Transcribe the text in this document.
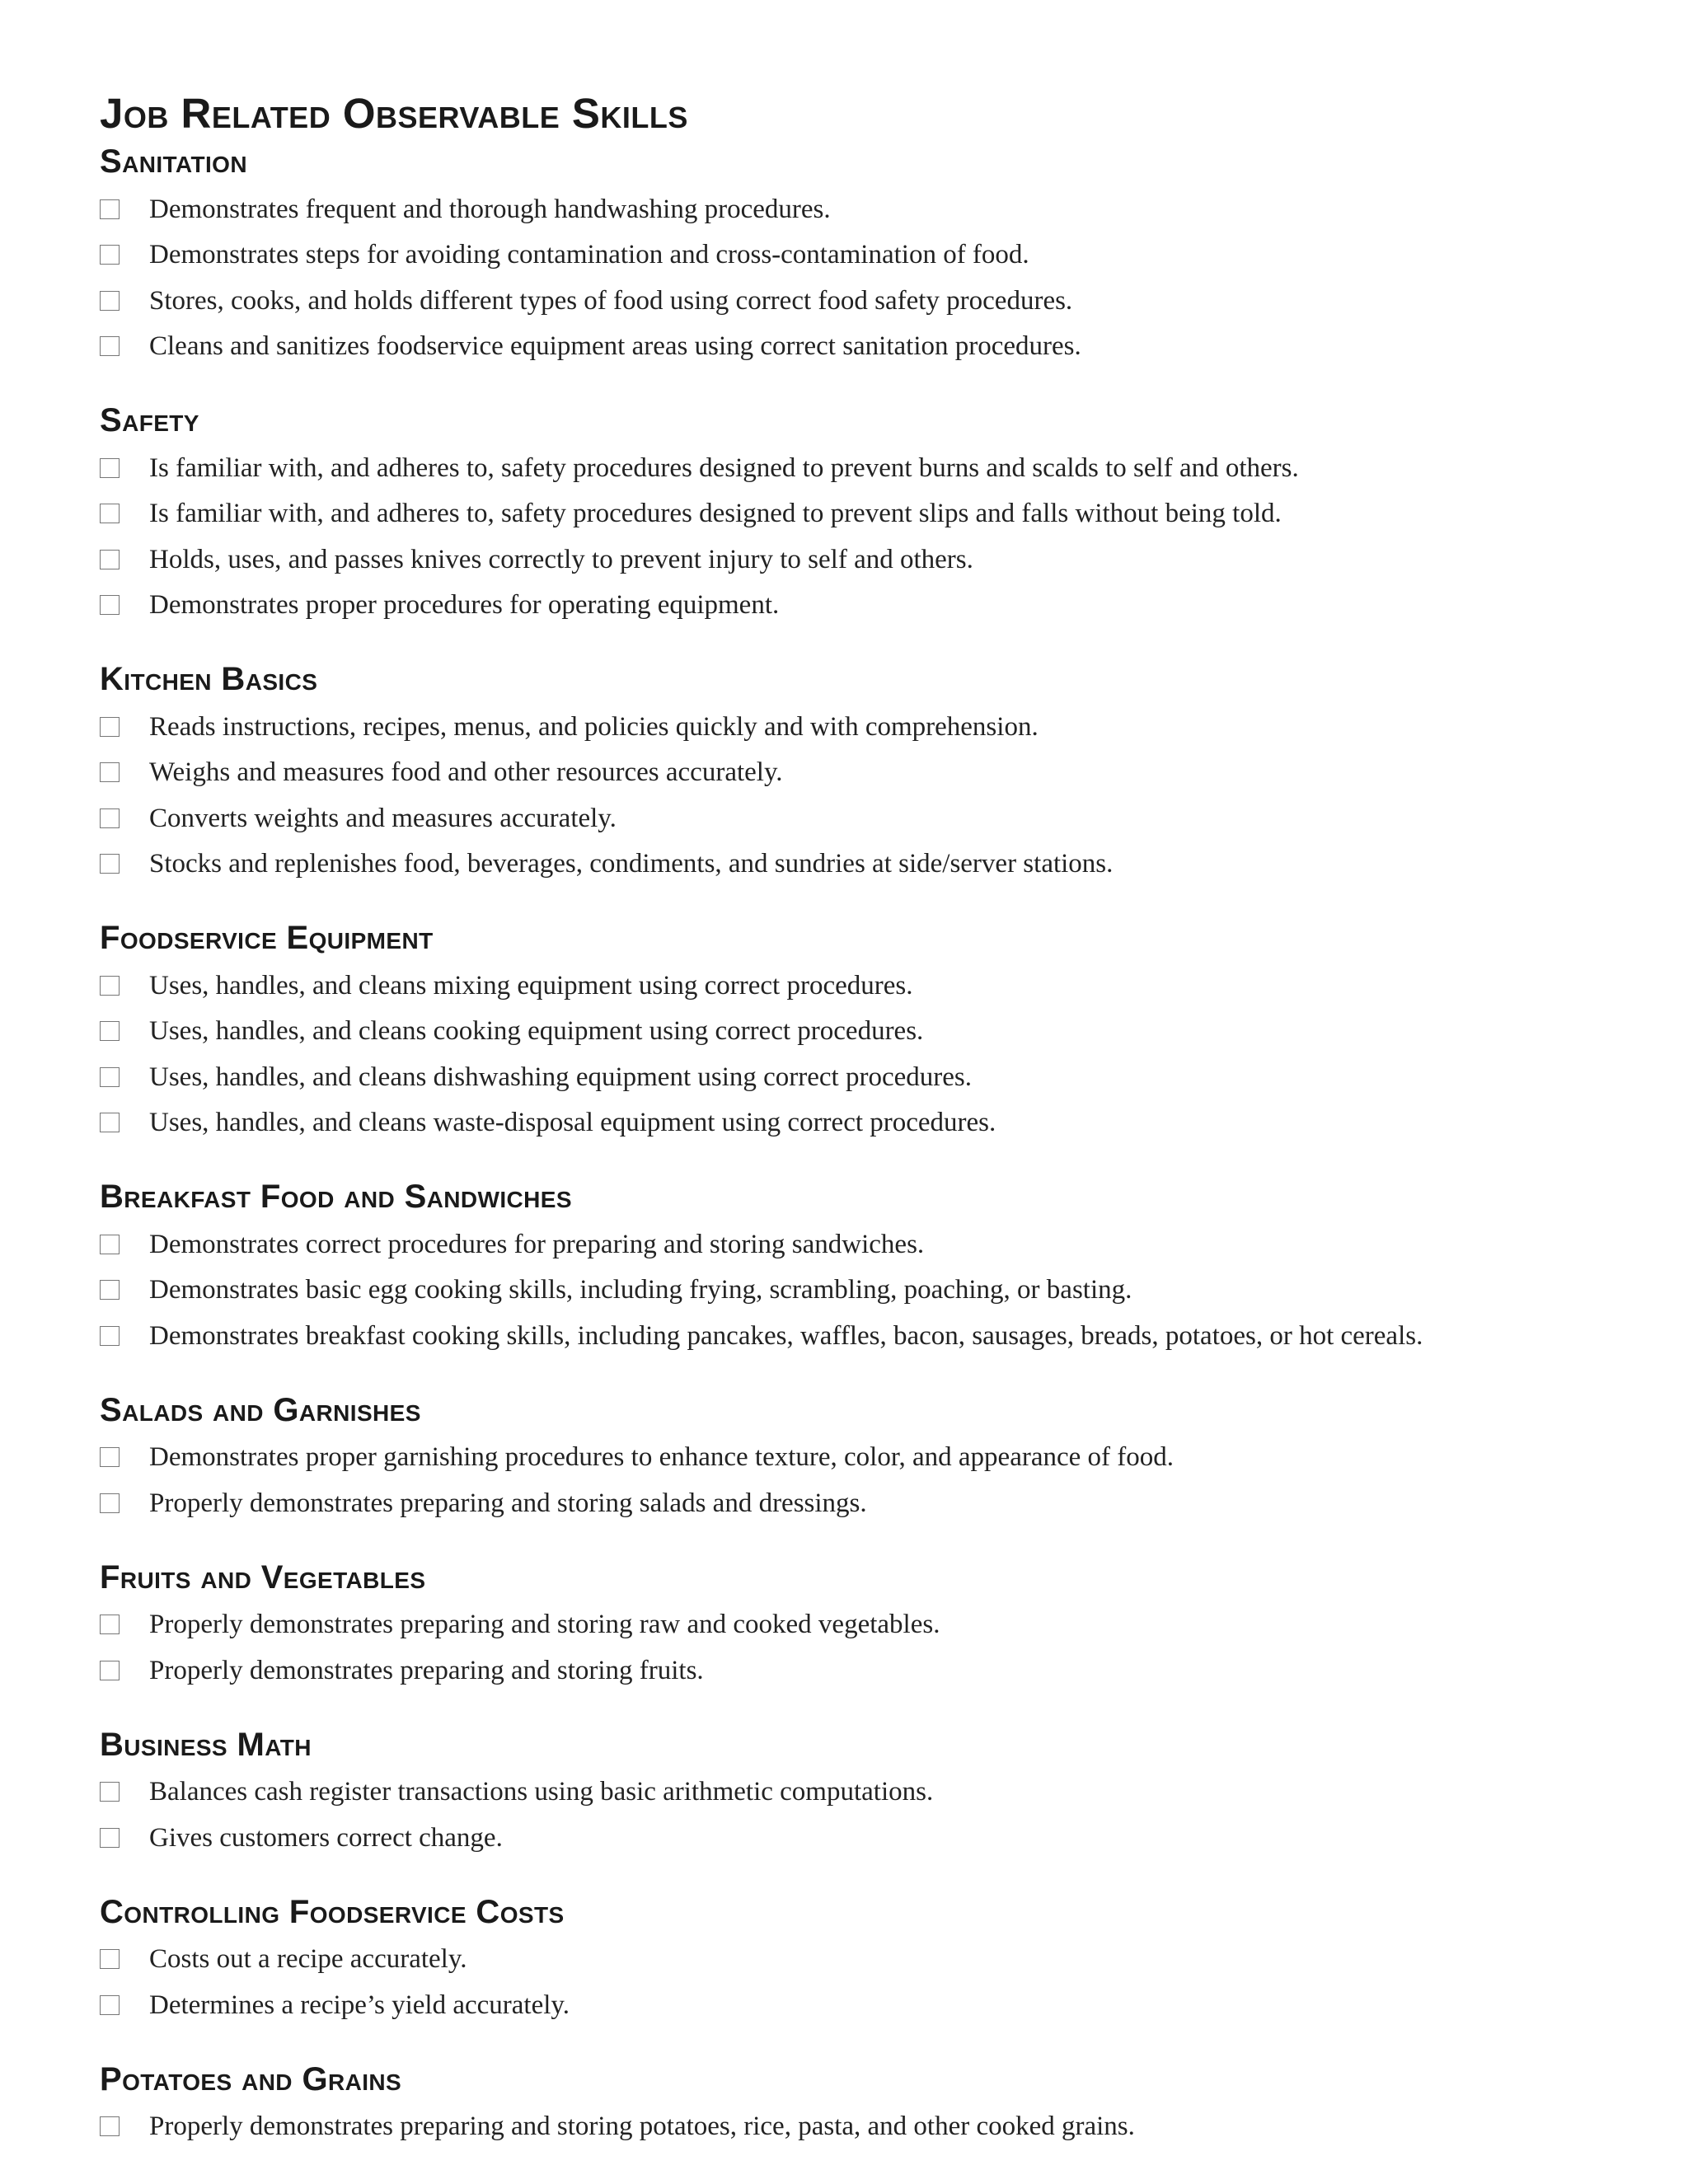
Job Related Observable Skills
Sanitation
Demonstrates frequent and thorough handwashing procedures.
Demonstrates steps for avoiding contamination and cross-contamination of food.
Stores, cooks, and holds different types of food using correct food safety procedures.
Cleans and sanitizes foodservice equipment areas using correct sanitation procedures.
Safety
Is familiar with, and adheres to, safety procedures designed to prevent burns and scalds to self and others.
Is familiar with, and adheres to, safety procedures designed to prevent slips and falls without being told.
Holds, uses, and passes knives correctly to prevent injury to self and others.
Demonstrates proper procedures for operating equipment.
Kitchen Basics
Reads instructions, recipes, menus, and policies quickly and with comprehension.
Weighs and measures food and other resources accurately.
Converts weights and measures accurately.
Stocks and replenishes food, beverages, condiments, and sundries at side/server stations.
Foodservice Equipment
Uses, handles, and cleans mixing equipment using correct procedures.
Uses, handles, and cleans cooking equipment using correct procedures.
Uses, handles, and cleans dishwashing equipment using correct procedures.
Uses, handles, and cleans waste-disposal equipment using correct procedures.
Breakfast Food and Sandwiches
Demonstrates correct procedures for preparing and storing sandwiches.
Demonstrates basic egg cooking skills, including frying, scrambling, poaching, or basting.
Demonstrates breakfast cooking skills, including pancakes, waffles, bacon, sausages, breads, potatoes, or hot cereals.
Salads and Garnishes
Demonstrates proper garnishing procedures to enhance texture, color, and appearance of food.
Properly demonstrates preparing and storing salads and dressings.
Fruits and Vegetables
Properly demonstrates preparing and storing raw and cooked vegetables.
Properly demonstrates preparing and storing fruits.
Business Math
Balances cash register transactions using basic arithmetic computations.
Gives customers correct change.
Controlling Foodservice Costs
Costs out a recipe accurately.
Determines a recipe’s yield accurately.
Potatoes and Grains
Properly demonstrates preparing and storing potatoes, rice, pasta, and other cooked grains.
